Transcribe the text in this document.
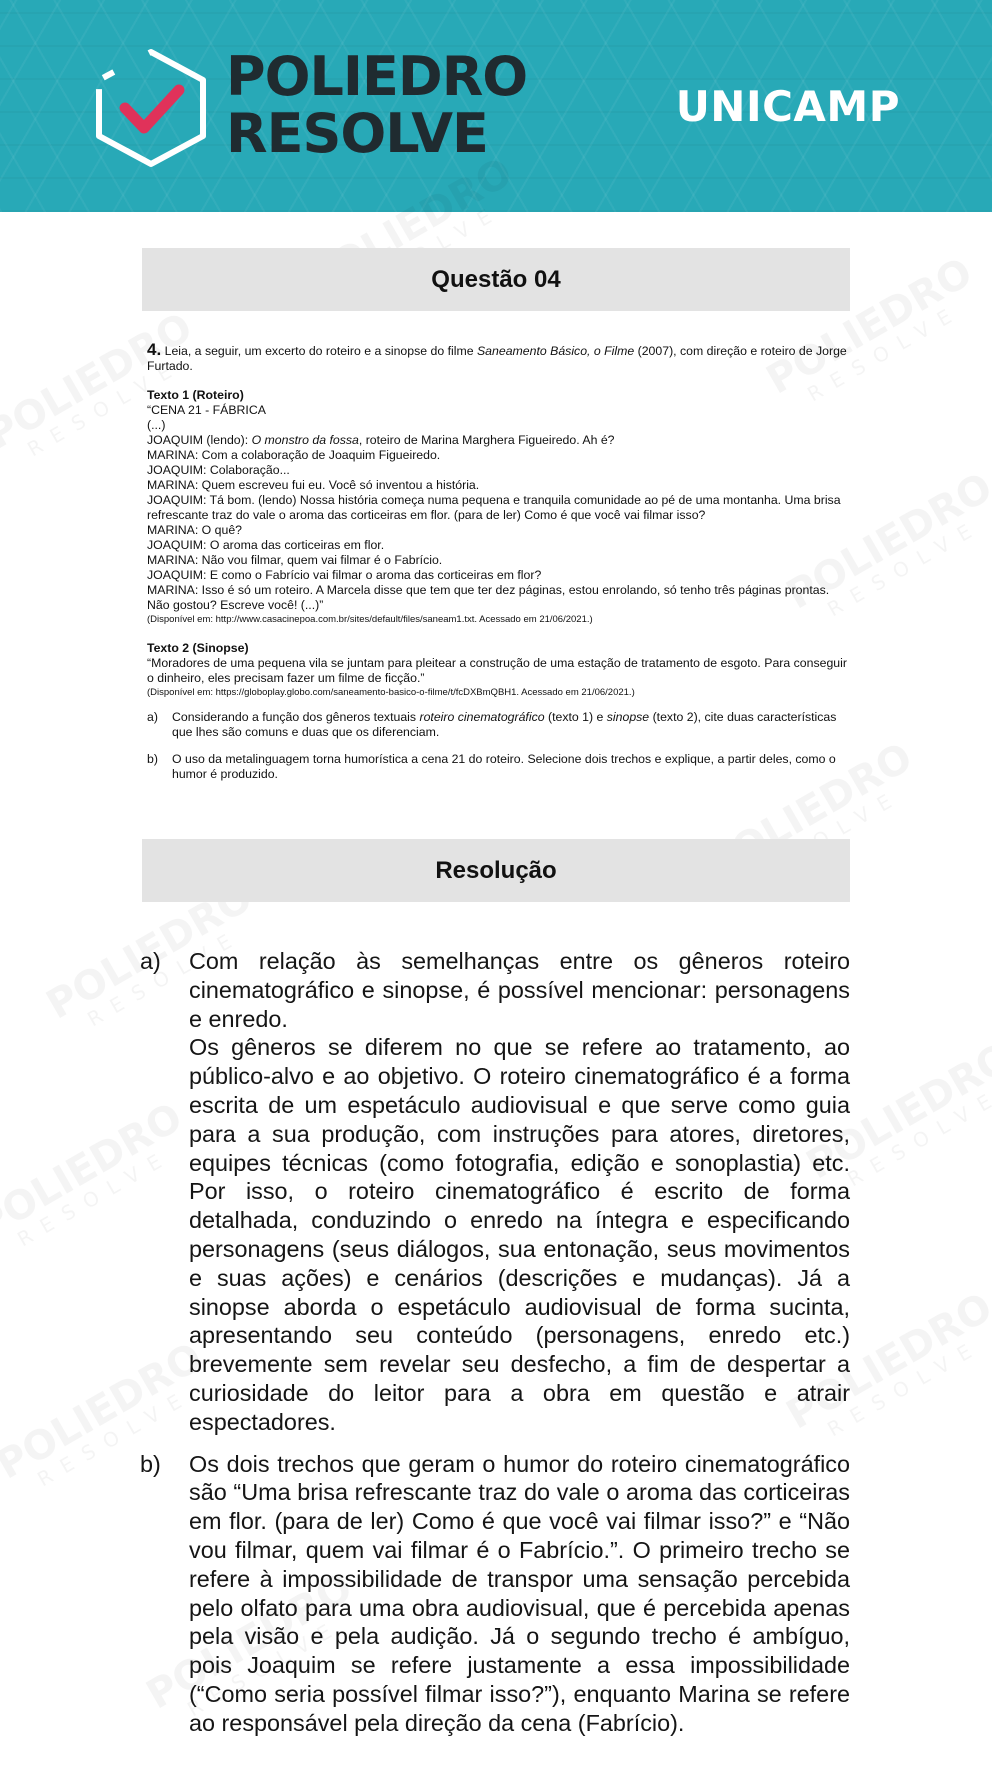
POLIEDRO
RESOLVE	UNICAMP
Questão 04

4. Leia, a seguir, um excerto do roteiro e a sinopse do filme Saneamento Básico, o Filme (2007), com direção e roteiro de Jorge Furtado.

Texto 1 (Roteiro)

“CENA 21 - FÁBRICA

(...)

JOAQUIM (lendo): O monstro da fossa, roteiro de Marina Marghera Figueiredo. Ah é?

MARINA: Com a colaboração de Joaquim Figueiredo.

JOAQUIM: Colaboração...

MARINA: Quem escreveu fui eu. Você só inventou a história.

JOAQUIM: Tá bom. (lendo) Nossa história começa numa pequena e tranquila comunidade ao pé de uma montanha. Uma brisa refrescante traz do vale o aroma das corticeiras em flor. (para de ler) Como é que você vai filmar isso?

MARINA: O quê?

JOAQUIM: O aroma das corticeiras em flor.

MARINA: Não vou filmar, quem vai filmar é o Fabrício.

JOAQUIM: E como o Fabrício vai filmar o aroma das corticeiras em flor?

MARINA: Isso é só um roteiro. A Marcela disse que tem que ter dez páginas, estou enrolando, só tenho três páginas prontas. Não gostou? Escreve você! (...)”

(Disponível em: http://www.casacinepoa.com.br/sites/default/files/saneam1.txt. Acessado em 21/06/2021.)

Texto 2 (Sinopse)

“Moradores de uma pequena vila se juntam para pleitear a construção de uma estação de tratamento de esgoto. Para conseguir o dinheiro, eles precisam fazer um filme de ficção.”

(Disponível em: https://globoplay.globo.com/saneamento-basico-o-filme/t/fcDXBmQBH1. Acessado em 21/06/2021.)

a)	Considerando a função dos gêneros textuais roteiro cinematográfico (texto 1) e sinopse (texto 2), cite duas características que lhes são comuns e duas que os diferenciam.
b)	O uso da metalinguagem torna humorística a cena 21 do roteiro. Selecione dois trechos e explique, a partir deles, como o humor é produzido.
Resolução
a)	Com relação às semelhanças entre os gêneros roteiro cinematográfico e sinopse, é possível mencionar: personagens e enredo.

Os gêneros se diferem no que se refere ao tratamento, ao público-alvo e ao objetivo. O roteiro cinematográfico é a forma escrita de um espetáculo audiovisual e que serve como guia para a sua produção, com instruções para atores, diretores, equipes técnicas (como fotografia, edição e sonoplastia) etc. Por isso, o roteiro cinematográfico é escrito de forma detalhada, conduzindo o enredo na íntegra e especificando personagens (seus diálogos, sua entonação, seus movimentos e suas ações) e cenários (descrições e mudanças). Já a sinopse aborda o espetáculo audiovisual de forma sucinta, apresentando seu conteúdo (personagens, enredo etc.) brevemente sem revelar seu desfecho, a fim de despertar a curiosidade do leitor para a obra em questão e atrair espectadores.

b)	Os dois trechos que geram o humor do roteiro cinematográfico são “Uma brisa refrescante traz do vale o aroma das corticeiras em flor. (para de ler) Como é que você vai filmar isso?” e “Não vou filmar, quem vai filmar é o Fabrício.”. O primeiro trecho se refere à impossibilidade de transpor uma sensação percebida pelo olfato para uma obra audiovisual, que é percebida apenas pela visão e pela audição. Já o segundo trecho é ambíguo, pois Joaquim se refere justamente a essa impossibilidade (“Como seria possível filmar isso?”), enquanto Marina se refere ao responsável pela direção da cena (Fabrício).
